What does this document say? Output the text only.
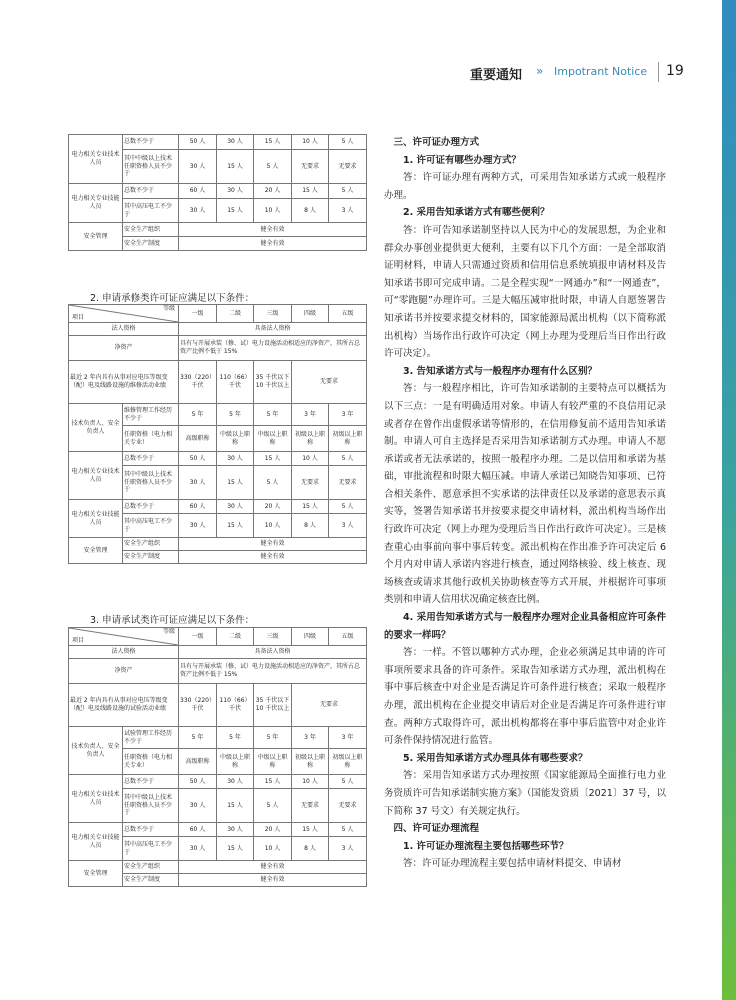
重要通知 » Impotrant Notice 19
电力相关专业技术人员	总数不少于	50 人	30 人	15 人	10 人	5 人
	其中中级以上技术任职资格人员不少于	30 人	15 人	5 人	无要求	无要求
电力相关专业技能人员	总数不少于	60 人	30 人	20 人	15 人	5 人
	其中高压电工不少于	30 人	15 人	10 人	8 人	3 人
安全管理	安全生产组织	健全有效				
	安全生产制度	健全有效				
2. 申请承修类许可证应满足以下条件：
等级
项目		一级	二级	三级	四级	五级
法人资格		具备法人资格				
净资产		具有与开展承装（修、试）电力设施活动相适应的净资产，其所占总资产比例不低于 15%				
最近 2 年内具有从事对应电压等级变（配）电及线路设施的维修活动业绩		330（220）千伏	110（66）千伏	35 千伏以下 10 千伏以上	无要求	
技术负责人、安全负责人	维修管理工作经历不少于	5 年	5 年	5 年	3 年	3 年
	任职资格（电力相关专业）	高级职称	中级以上职称	中级以上职称	初级以上职称	初级以上职称
电力相关专业技术人员	总数不少于	50 人	30 人	15 人	10 人	5 人
	其中中级以上技术任职资格人员不少于	30 人	15 人	5 人	无要求	无要求
电力相关专业技能人员	总数不少于	60 人	30 人	20 人	15 人	5 人
	其中高压电工不少于	30 人	15 人	10 人	8 人	3 人
安全管理	安全生产组织	健全有效				
	安全生产制度	健全有效				
3. 申请承试类许可证应满足以下条件：
等级
项目		一级	二级	三级	四级	五级
法人资格		具备法人资格				
净资产		具有与开展承装（修、试）电力设施活动相适应的净资产，其所占总资产比例不低于 15%				
最近 2 年内具有从事对应电压等级变（配）电及线路设施的试验活动业绩		330（220）千伏	110（66）千伏	35 千伏以下 10 千伏以上	无要求	
技术负责人、安全负责人	试验管理工作经历不少于	5 年	5 年	5 年	3 年	3 年
	任职资格（电力相关专业）	高级职称	中级以上职称	中级以上职称	初级以上职称	初级以上职称
电力相关专业技术人员	总数不少于	50 人	30 人	15 人	10 人	5 人
	其中中级以上技术任职资格人员不少于	30 人	15 人	5 人	无要求	无要求
电力相关专业技能人员	总数不少于	60 人	30 人	20 人	15 人	5 人
	其中高压电工不少于	30 人	15 人	10 人	8 人	3 人
安全管理	安全生产组织	健全有效				
	安全生产制度	健全有效				

三、许可证办理方式

1. 许可证有哪些办理方式？

答：许可证办理有两种方式，可采用告知承诺方式或一般程序办理。

2. 采用告知承诺方式有哪些便利？

答：许可告知承诺制坚持以人民为中心的发展思想，为企业和群众办事创业提供更大便利，主要有以下几个方面：一是全部取消证明材料，申请人只需通过资质和信用信息系统填报申请材料及告知承诺书即可完成申请。二是全程实现“一网通办”和“一网通查”，可“零跑腿”办理许可。三是大幅压减审批时限，申请人自愿签署告知承诺书并按要求提交材料的，国家能源局派出机构（以下简称派出机构）当场作出行政许可决定（网上办理为受理后当日作出行政许可决定）。

3. 告知承诺方式与一般程序办理有什么区别？

答：与一般程序相比，许可告知承诺制的主要特点可以概括为以下三点：一是有明确适用对象。申请人有较严重的不良信用记录或者存在曾作出虚假承诺等情形的，在信用修复前不适用告知承诺制。申请人可自主选择是否采用告知承诺制方式办理。申请人不愿承诺或者无法承诺的，按照一般程序办理。二是以信用和承诺为基础，审批流程和时限大幅压减。申请人承诺已知晓告知事项、已符合相关条件、愿意承担不实承诺的法律责任以及承诺的意思表示真实等，签署告知承诺书并按要求提交申请材料，派出机构当场作出行政许可决定（网上办理为受理后当日作出行政许可决定）。三是核查重心由事前向事中事后转变。派出机构在作出准予许可决定后 6 个月内对申请人承诺内容进行核查，通过网络核验、线上核查、现场核查或请求其他行政机关协助核查等方式开展，并根据许可事项类别和申请人信用状况确定核查比例。

4. 采用告知承诺方式与一般程序办理对企业具备相应许可条件的要求一样吗？

答：一样。不管以哪种方式办理，企业必须满足其申请的许可事项所要求具备的许可条件。采取告知承诺方式办理，派出机构在事中事后核查中对企业是否满足许可条件进行核查；采取一般程序办理，派出机构在企业提交申请后对企业是否满足许可条件进行审查。两种方式取得许可，派出机构都将在事中事后监管中对企业许可条件保持情况进行监管。

5. 采用告知承诺方式办理具体有哪些要求？

答：采用告知承诺方式办理按照《国家能源局全面推行电力业务资质许可告知承诺制实施方案》（国能发资质〔2021〕37 号，以下简称 37 号文）有关规定执行。

四、许可证办理流程

1. 许可证办理流程主要包括哪些环节？

答：许可证办理流程主要包括申请材料提交、申请材
